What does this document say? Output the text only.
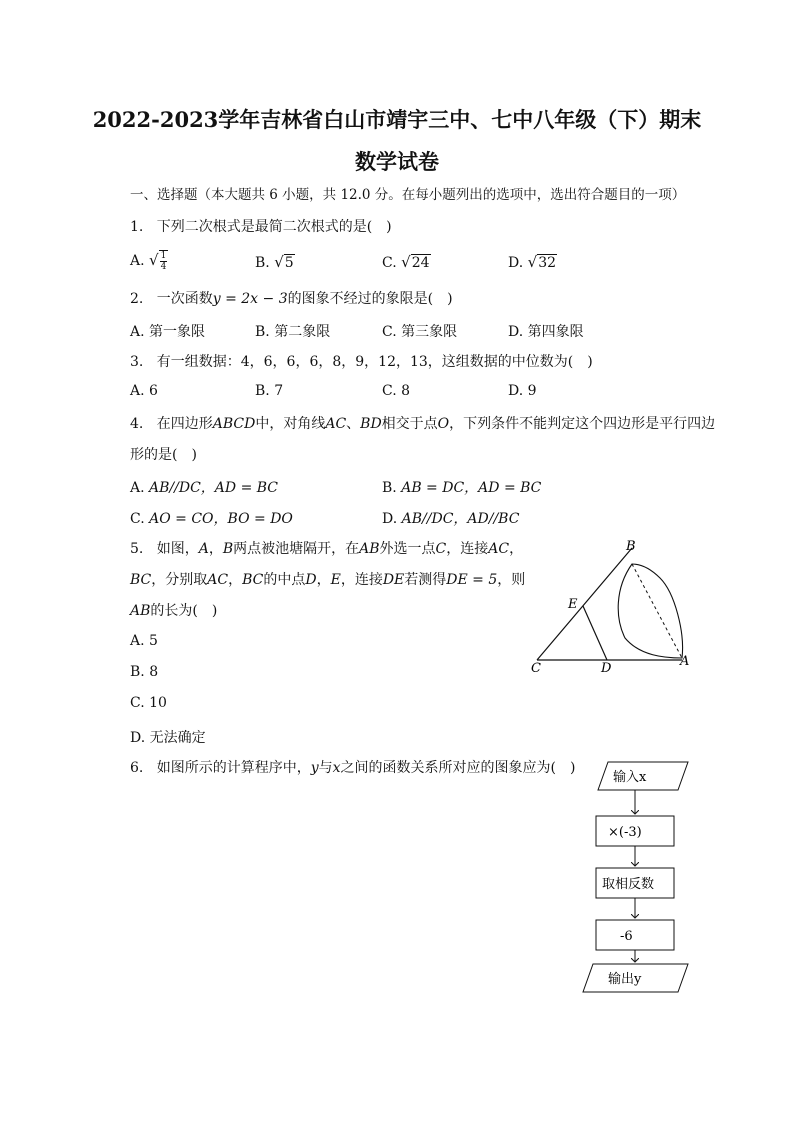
2022-2023学年吉林省白山市靖宇三中、七中八年级（下）期末
数学试卷
一、选择题（本大题共 6 小题，共 12.0 分。在每小题列出的选项中，选出符合题目的一项）
1. 下列二次根式是最简二次根式的是(　)
A. √ $\frac{1}{4}$	B. √5	C. √24	D. √32
2. 一次函数y = 2x − 3的图象不经过的象限是(　)
A. 第一象限	B. 第二象限	C. 第三象限	D. 第四象限
3. 有一组数据：4，6，6，6，8，9，12，13，这组数据的中位数为(　)
A. 6	B. 7	C. 8	D. 9
4. 在四边形ABCD中，对角线AC、BD相交于点O，下列条件不能判定这个四边形是平行四边
形的是(　)
A. AB//DC，AD = BC	B. AB = DC，AD = BC
C. AO = CO，BO = DO	D. AB//DC，AD//BC
5. 如图，A，B两点被池塘隔开，在AB外选一点C，连接AC，
BC，分别取AC，BC的中点D，E，连接DE若测得DE = 5，则
AB的长为(　)
A. 5
B. 8
C. 10
D. 无法确定
B
E
C	D	A
6. 如图所示的计算程序中，y与x之间的函数关系所对应的图象应为(　)
输入x
×(-3)
取相反数
-6
输出y
